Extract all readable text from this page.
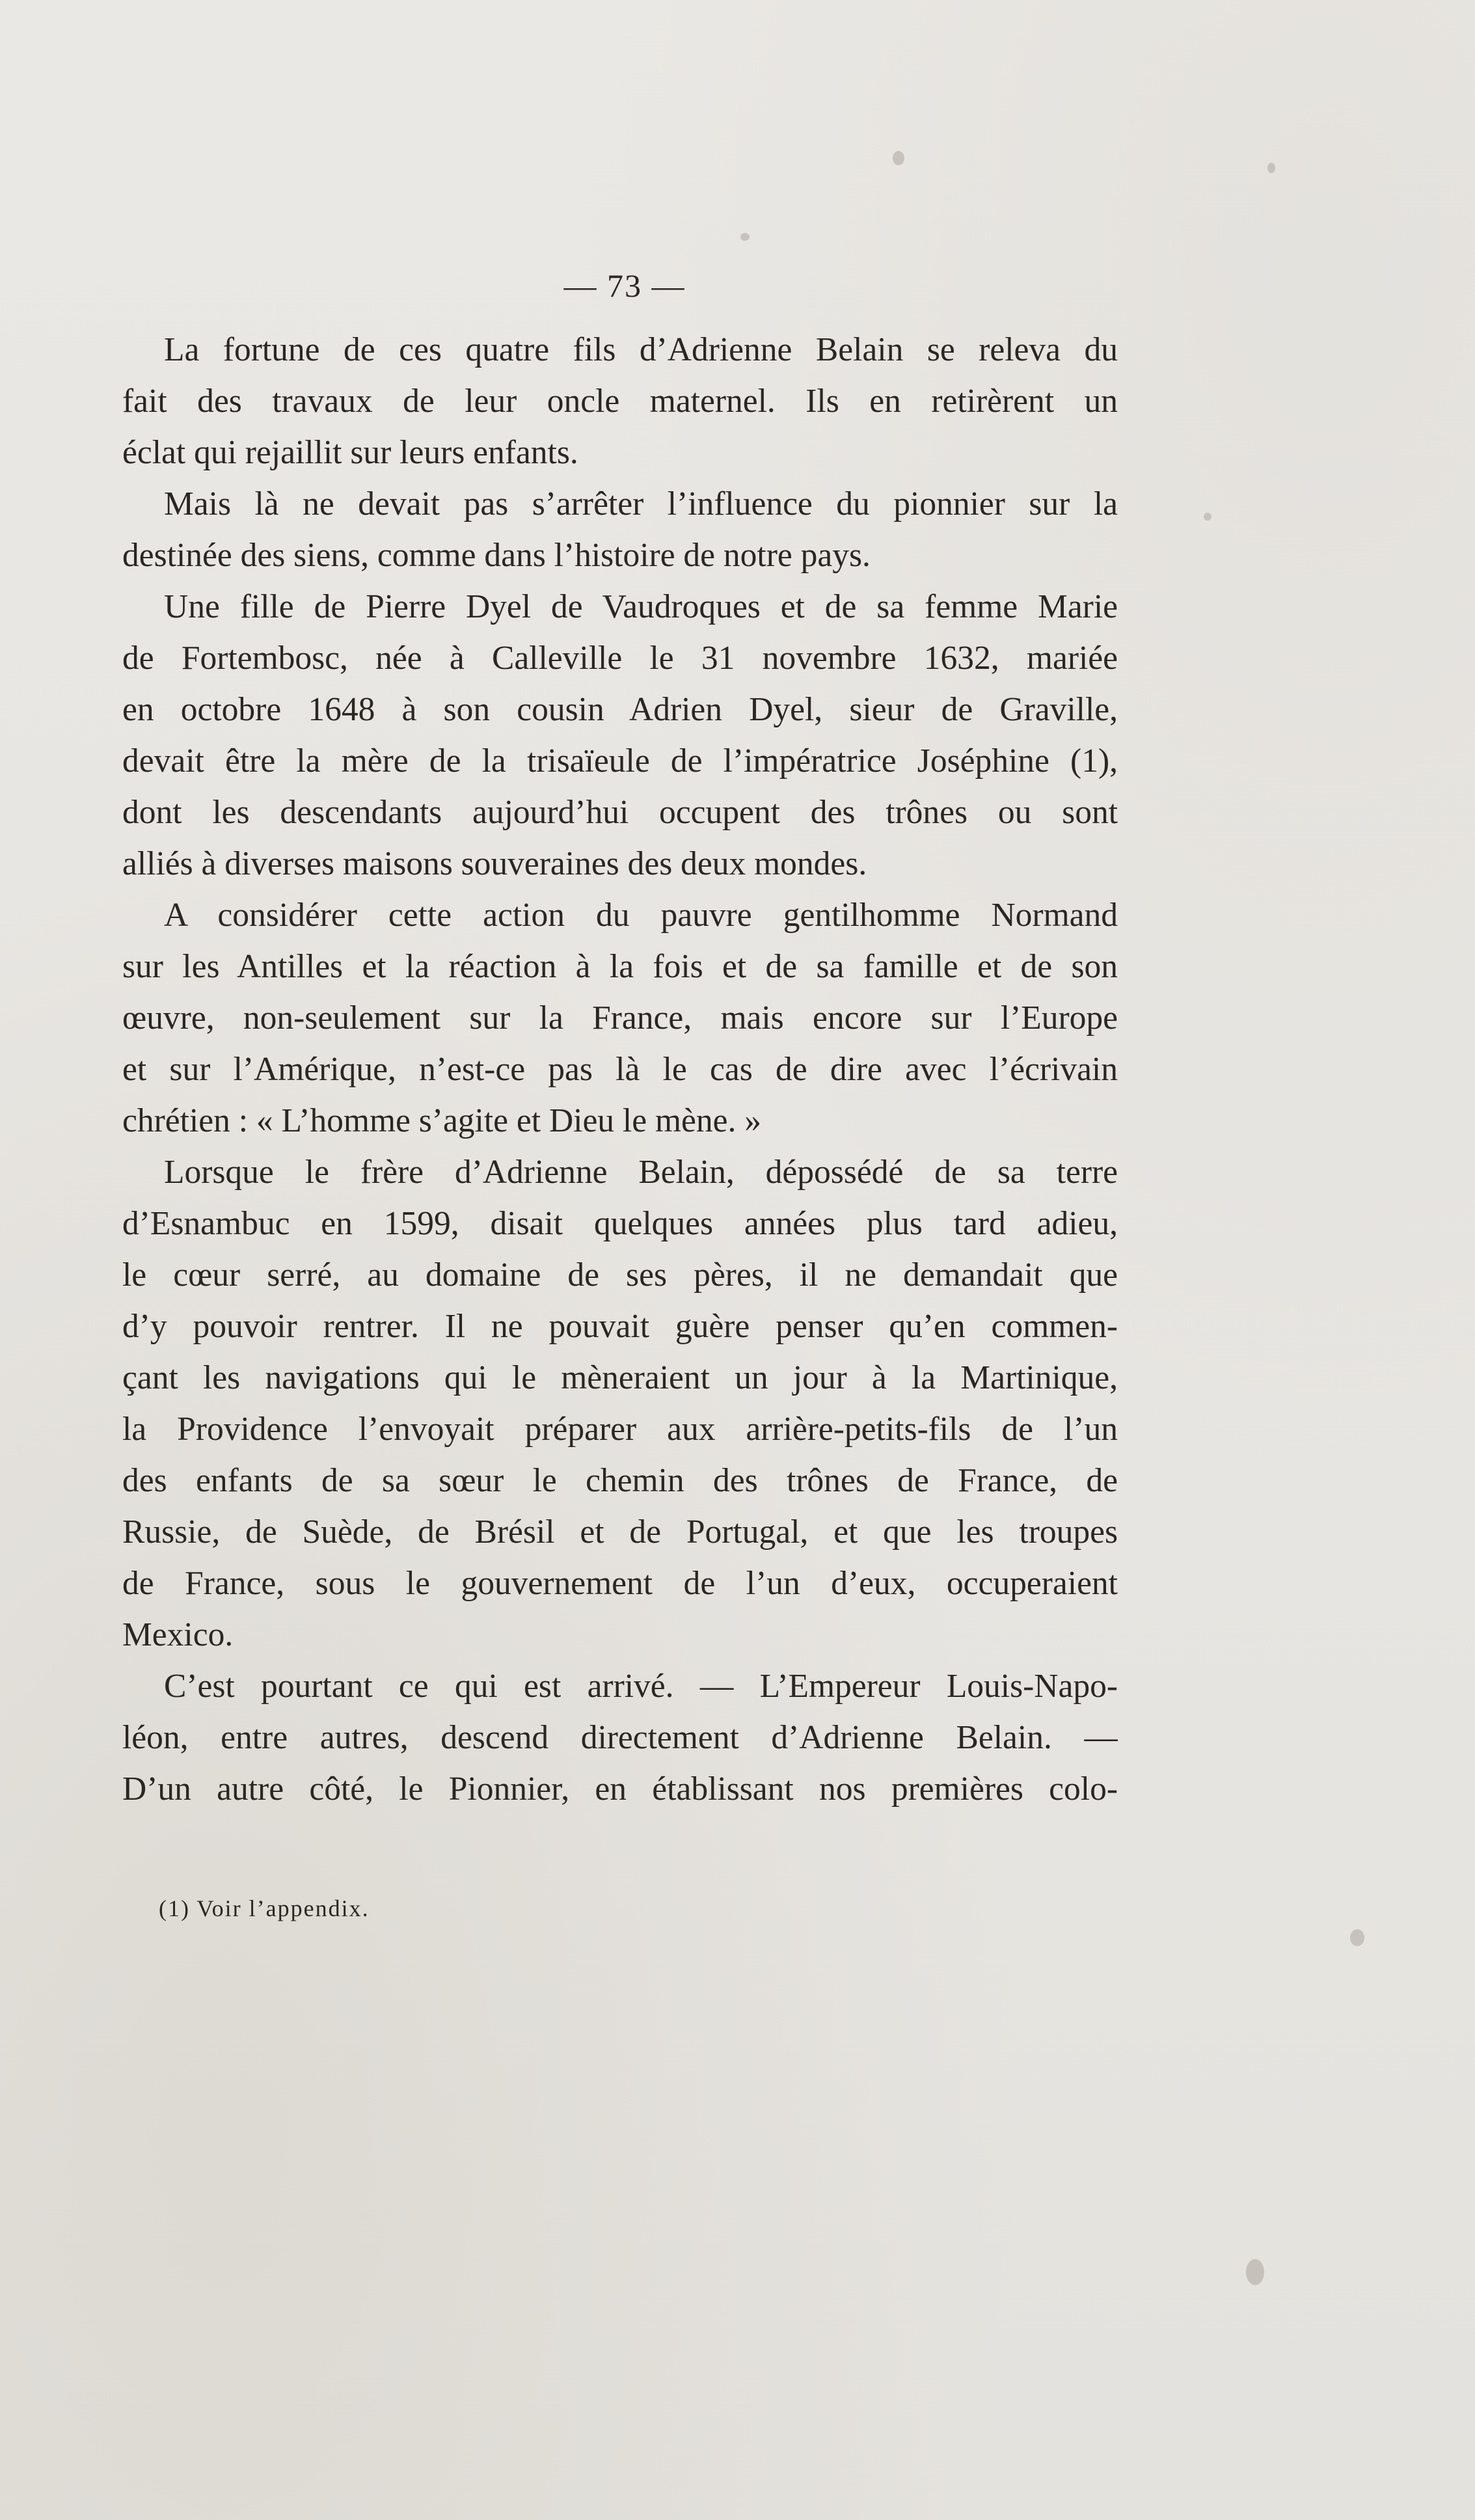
— 73 —
La fortune de ces quatre fils d’Adrienne Belain se releva du
fait des travaux de leur oncle maternel. Ils en retirèrent un
éclat qui rejaillit sur leurs enfants.
Mais là ne devait pas s’arrêter l’influence du pionnier sur la
destinée des siens, comme dans l’histoire de notre pays.
Une fille de Pierre Dyel de Vaudroques et de sa femme Marie
de Fortembosc, née à Calleville le 31 novembre 1632, mariée
en octobre 1648 à son cousin Adrien Dyel, sieur de Graville,
devait être la mère de la trisaïeule de l’impératrice Joséphine (1),
dont les descendants aujourd’hui occupent des trônes ou sont
alliés à diverses maisons souveraines des deux mondes.
A considérer cette action du pauvre gentilhomme Normand
sur les Antilles et la réaction à la fois et de sa famille et de son
œuvre, non-seulement sur la France, mais encore sur l’Europe
et sur l’Amérique, n’est-ce pas là le cas de dire avec l’écrivain
chrétien : « L’homme s’agite et Dieu le mène. »
Lorsque le frère d’Adrienne Belain, dépossédé de sa terre
d’Esnambuc en 1599, disait quelques années plus tard adieu,
le cœur serré, au domaine de ses pères, il ne demandait que
d’y pouvoir rentrer. Il ne pouvait guère penser qu’en commen-
çant les navigations qui le mèneraient un jour à la Martinique,
la Providence l’envoyait préparer aux arrière-petits-fils de l’un
des enfants de sa sœur le chemin des trônes de France, de
Russie, de Suède, de Brésil et de Portugal, et que les troupes
de France, sous le gouvernement de l’un d’eux, occuperaient
Mexico.
C’est pourtant ce qui est arrivé. — L’Empereur Louis-Napo-
léon, entre autres, descend directement d’Adrienne Belain. —
D’un autre côté, le Pionnier, en établissant nos premières colo-
(1) Voir l’appendix.
